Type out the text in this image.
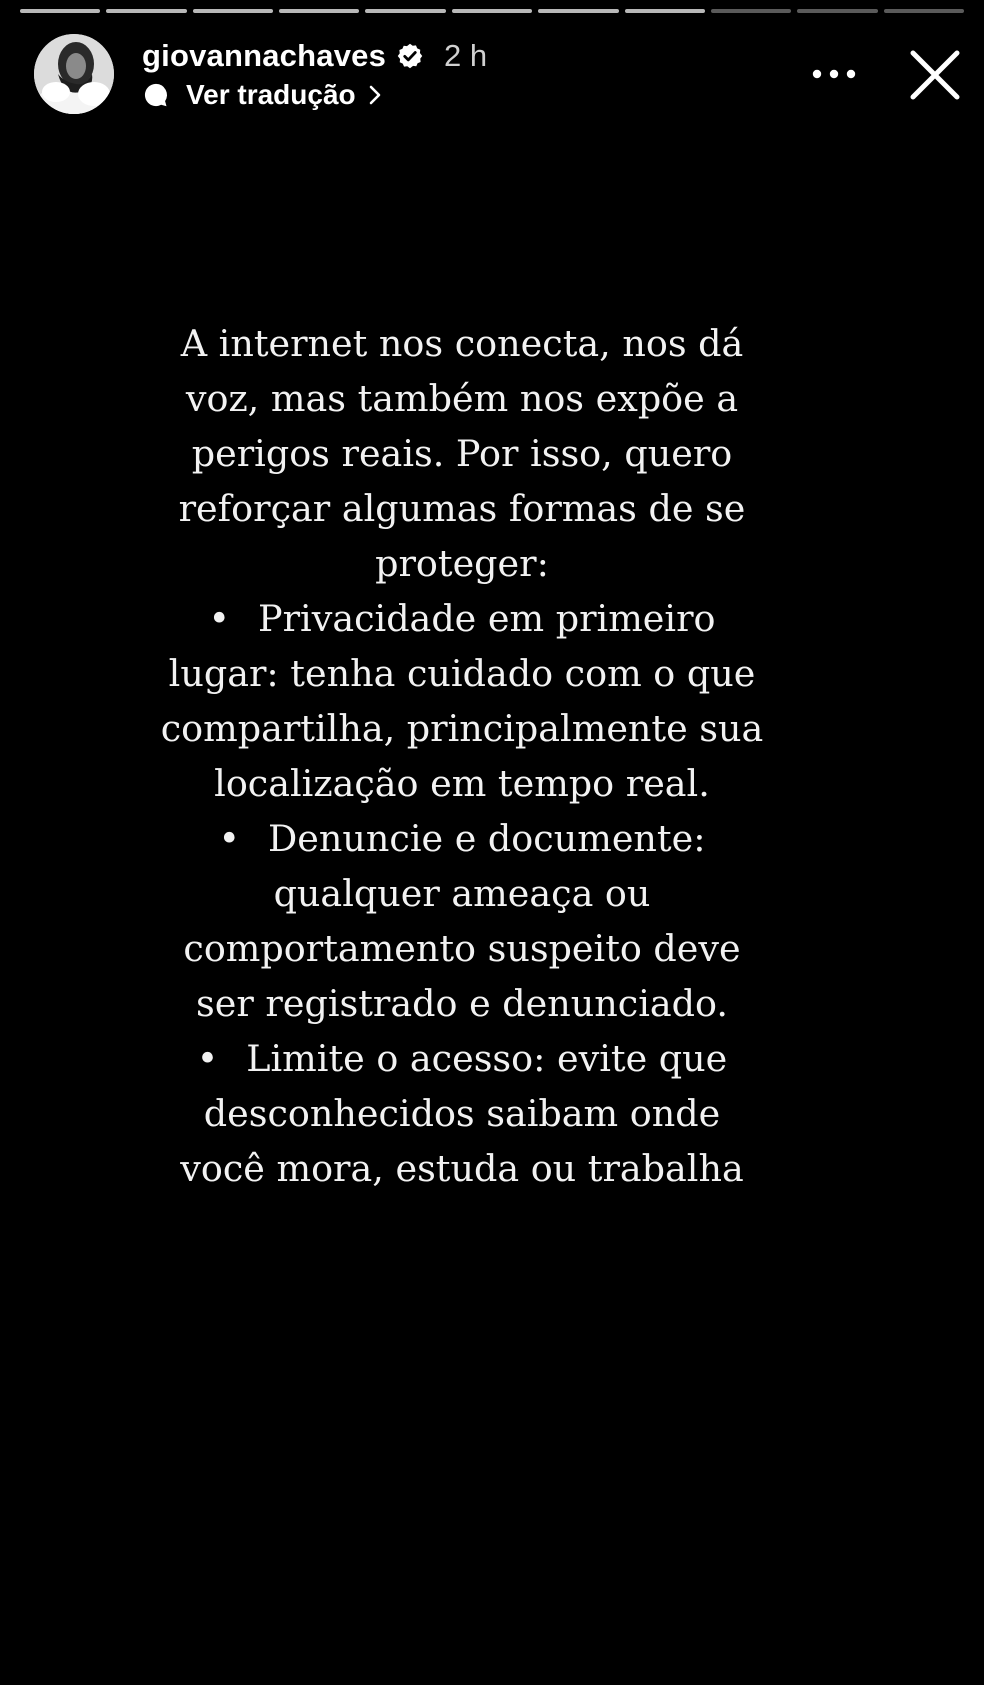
giovannachaves 2 h
Ver tradução

A internet nos conecta, nos dá voz, mas também nos expõe a perigos reais. Por isso, quero reforçar algumas formas de se proteger:

• Privacidade em primeiro lugar: tenha cuidado com o que compartilha, principalmente sua localização em tempo real.

• Denuncie e documente: qualquer ameaça ou comportamento suspeito deve ser registrado e denunciado.

• Limite o acesso: evite que desconhecidos saibam onde você mora, estuda ou trabalha
